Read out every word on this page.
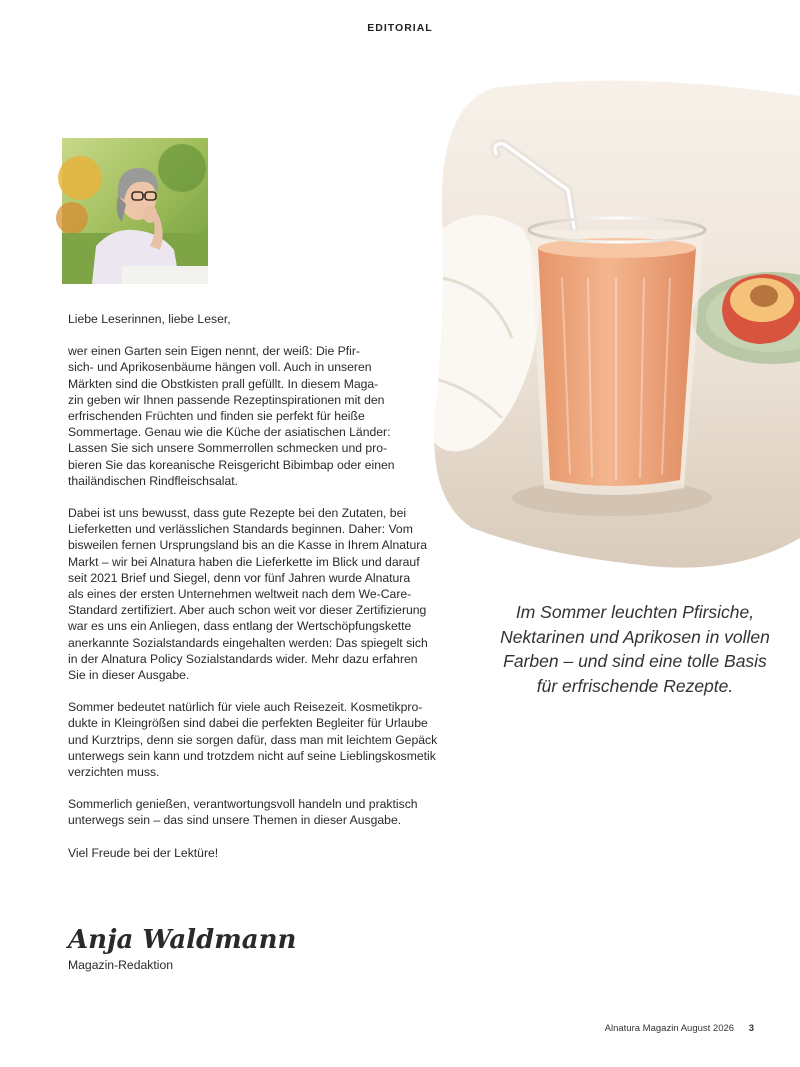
EDITORIAL

Liebe Leserinnen, liebe Leser,

wer einen Garten sein Eigen nennt, der weiß: Die Pfir-
sich- und Aprikosenbäume hängen voll. Auch in unseren
Märkten sind die Obstkisten prall gefüllt. In diesem Maga-
zin geben wir Ihnen passende Rezeptinspirationen mit den
erfrischenden Früchten und finden sie perfekt für heiße
Sommertage. Genau wie die Küche der asiatischen Länder:
Lassen Sie sich unsere Sommerrollen schmecken und pro-
bieren Sie das koreanische Reisgericht Bibimbap oder einen
thailändischen Rindfleischsalat.

Dabei ist uns bewusst, dass gute Rezepte bei den Zutaten, bei
Lieferketten und verlässlichen Standards beginnen. Daher: Vom
bisweilen fernen Ursprungsland bis an die Kasse in Ihrem Alnatura
Markt – wir bei Alnatura haben die Lieferkette im Blick und darauf
seit 2021 Brief und Siegel, denn vor fünf Jahren wurde Alnatura
als eines der ersten Unternehmen weltweit nach dem We-Care-
Standard zertifiziert. Aber auch schon weit vor dieser Zertifizierung
war es uns ein Anliegen, dass entlang der Wertschöpfungskette
anerkannte Sozialstandards eingehalten werden: Das spiegelt sich
in der Alnatura Policy Sozialstandards wider. Mehr dazu erfahren
Sie in dieser Ausgabe.

Sommer bedeutet natürlich für viele auch Reisezeit. Kosmetikpro-
dukte in Kleingrößen sind dabei die perfekten Begleiter für Urlaube
und Kurztrips, denn sie sorgen dafür, dass man mit leichtem Gepäck
unterwegs sein kann und trotzdem nicht auf seine Lieblingskosmetik
verzichten muss.

Sommerlich genießen, verantwortungsvoll handeln und praktisch
unterwegs sein – das sind unsere Themen in dieser Ausgabe.

Viel Freude bei der Lektüre!

Im Sommer leuchten Pfirsiche, Nektarinen und Aprikosen in vollen Farben – und sind eine tolle Basis für erfrischende Rezepte.
Anja Waldmann
Magazin-Redaktion
Alnatura Magazin August 2026 3
